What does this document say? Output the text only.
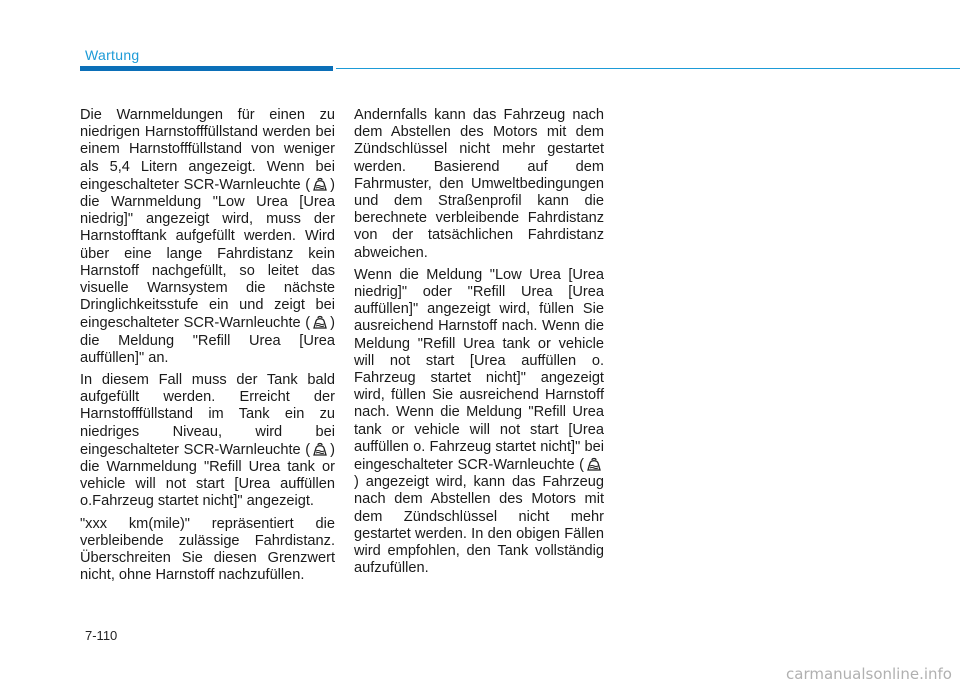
Wartung

Die Warnmeldungen für einen zu niedrigen Harnstofffüllstand werden bei einem Harnstofffüllstand von weniger als 5,4 Litern angezeigt. Wenn bei eingeschalteter SCR-Warnleuchte ( ) die Warnmeldung "Low Urea [Urea niedrig]" angezeigt wird, muss der Harnstofftank aufgefüllt werden. Wird über eine lange Fahrdistanz kein Harnstoff nachgefüllt, so leitet das visuelle Warnsystem die nächste Dringlichkeitsstufe ein und zeigt bei eingeschalteter SCR-Warnleuchte ( ) die Meldung "Refill Urea [Urea auffüllen]" an.

In diesem Fall muss der Tank bald aufgefüllt werden. Erreicht der Harnstofffüllstand im Tank ein zu niedriges Niveau, wird bei eingeschalteter SCR-Warnleuchte ( ) die Warnmeldung "Refill Urea tank or vehicle will not start [Urea auffüllen o.Fahrzeug startet nicht]" angezeigt.

"xxx km(mile)" repräsentiert die verbleibende zulässige Fahrdistanz. Überschreiten Sie diesen Grenzwert nicht, ohne Harnstoff nachzufüllen.

Andernfalls kann das Fahrzeug nach dem Abstellen des Motors mit dem Zündschlüssel nicht mehr gestartet werden. Basierend auf dem Fahrmuster, den Umweltbedingungen und dem Straßenprofil kann die berechnete verbleibende Fahrdistanz von der tatsächlichen Fahrdistanz abweichen.

Wenn die Meldung "Low Urea [Urea niedrig]" oder "Refill Urea [Urea auffüllen]" angezeigt wird, füllen Sie ausreichend Harnstoff nach. Wenn die Meldung "Refill Urea tank or vehicle will not start [Urea auffüllen o. Fahrzeug startet nicht]" angezeigt wird, füllen Sie ausreichend Harnstoff nach. Wenn die Meldung "Refill Urea tank or vehicle will not start [Urea auffüllen o. Fahrzeug startet nicht]" bei eingeschalteter SCR-Warnleuchte () angezeigt wird, kann das Fahrzeug nach dem Abstellen des Motors mit dem Zündschlüssel nicht mehr gestartet werden. In den obigen Fällen wird empfohlen, den Tank vollständig aufzufüllen.

7-110
carmanualsonline.info
